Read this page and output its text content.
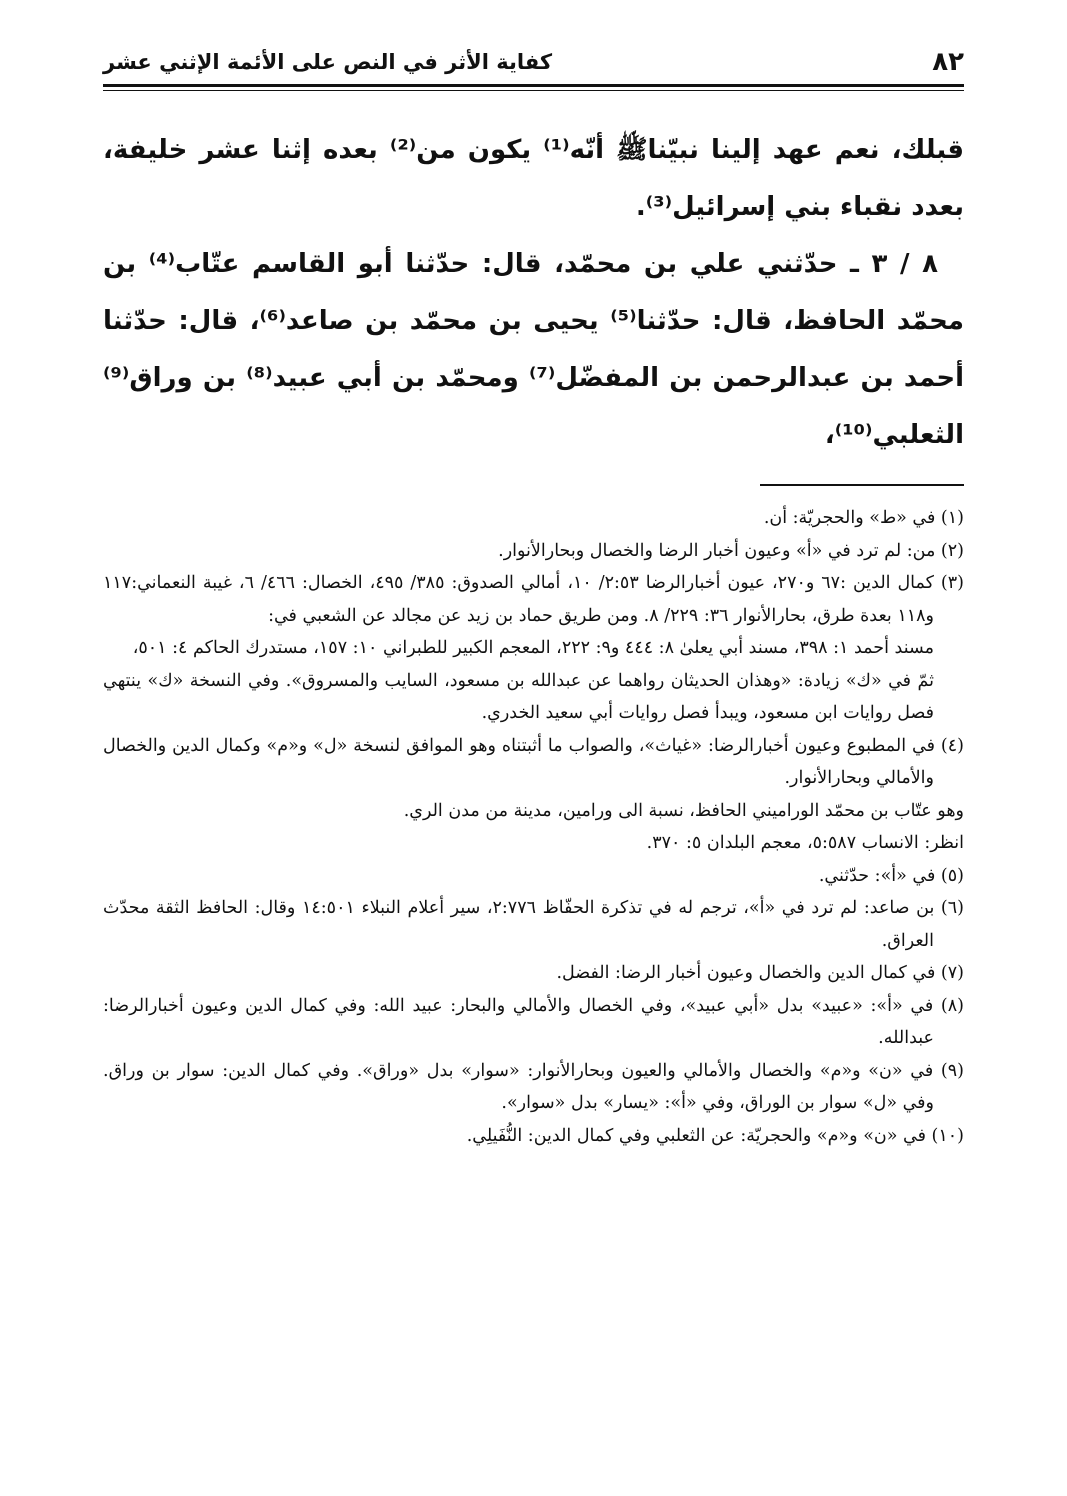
٨٢
كفاية الأثر في النص على الأئمة الإثني عشر

قبلك، نعم عهد إلينا نبيّناﷺ أنّه⁽¹⁾ يكون من⁽²⁾ بعده إثنا عشر خليفة، بعدد نقباء بني إسرائيل⁽³⁾.

٨ / ٣ ـ حدّثني علي بن محمّد، قال: حدّثنا أبو القاسم عتّاب⁽⁴⁾ بن محمّد الحافظ، قال: حدّثنا⁽⁵⁾ يحيى بن محمّد بن صاعد⁽⁶⁾، قال: حدّثنا أحمد بن عبدالرحمن بن المفضّل⁽⁷⁾ ومحمّد بن أبي عبيد⁽⁸⁾ بن وراق⁽⁹⁾ الثعلبي⁽¹⁰⁾،

(١) في «ط» والحجريّة: أن.

(٢) من: لم ترد في «أ» وعيون أخبار الرضا والخصال وبحارالأنوار.

(٣) كمال الدين :٦٧ و٢٧٠، عيون أخبارالرضا ٢:٥٣/ ١٠، أمالي الصدوق: ٣٨٥/ ٤٩٥، الخصال: ٤٦٦/ ٦، غيبة النعماني:١١٧ و١١٨ بعدة طرق، بحارالأنوار ٣٦: ٢٢٩/ ٨. ومن طريق حماد بن زيد عن مجالد عن الشعبي في:

مسند أحمد ١: ٣٩٨، مسند أبي يعلىٰ ٨: ٤٤٤ و٩: ٢٢٢، المعجم الكبير للطبراني ١٠: ١٥٧، مستدرك الحاكم ٤: ٥٠١،

ثمّ في «ك» زيادة: «وهذان الحديثان رواهما عن عبدالله بن مسعود، السايب والمسروق». وفي النسخة «ك» ينتهي فصل روايات ابن مسعود، ويبدأ فصل روايات أبي سعيد الخدري.

(٤) في المطبوع وعيون أخبارالرضا: «غياث»، والصواب ما أثبتناه وهو الموافق لنسخة «ل» و«م» وكمال الدين والخصال والأمالي وبحارالأنوار.

وهو عتّاب بن محمّد الوراميني الحافظ، نسبة الى ورامين، مدينة من مدن الري.

انظر: الانساب ٥:٥٨٧، معجم البلدان ٥: ٣٧٠.

(٥) في «أ»: حدّثني.

(٦) بن صاعد: لم ترد في «أ»، ترجم له في تذكرة الحفّاظ ٢:٧٧٦، سير أعلام النبلاء ١٤:٥٠١ وقال: الحافظ الثقة محدّث العراق.

(٧) في كمال الدين والخصال وعيون أخبار الرضا: الفضل.

(٨) في «أ»: «عبيد» بدل «أبي عبيد»، وفي الخصال والأمالي والبحار: عبيد الله: وفي كمال الدين وعيون أخبارالرضا: عبدالله.

(٩) في «ن» و«م» والخصال والأمالي والعيون وبحارالأنوار: «سوار» بدل «وراق». وفي كمال الدين: سوار بن وراق. وفي «ل» سوار بن الوراق، وفي «أ»: «يسار» بدل «سوار».

(١٠) في «ن» و«م» والحجريّة: عن الثعلبي وفي كمال الدين: النُّفَيلِي.
